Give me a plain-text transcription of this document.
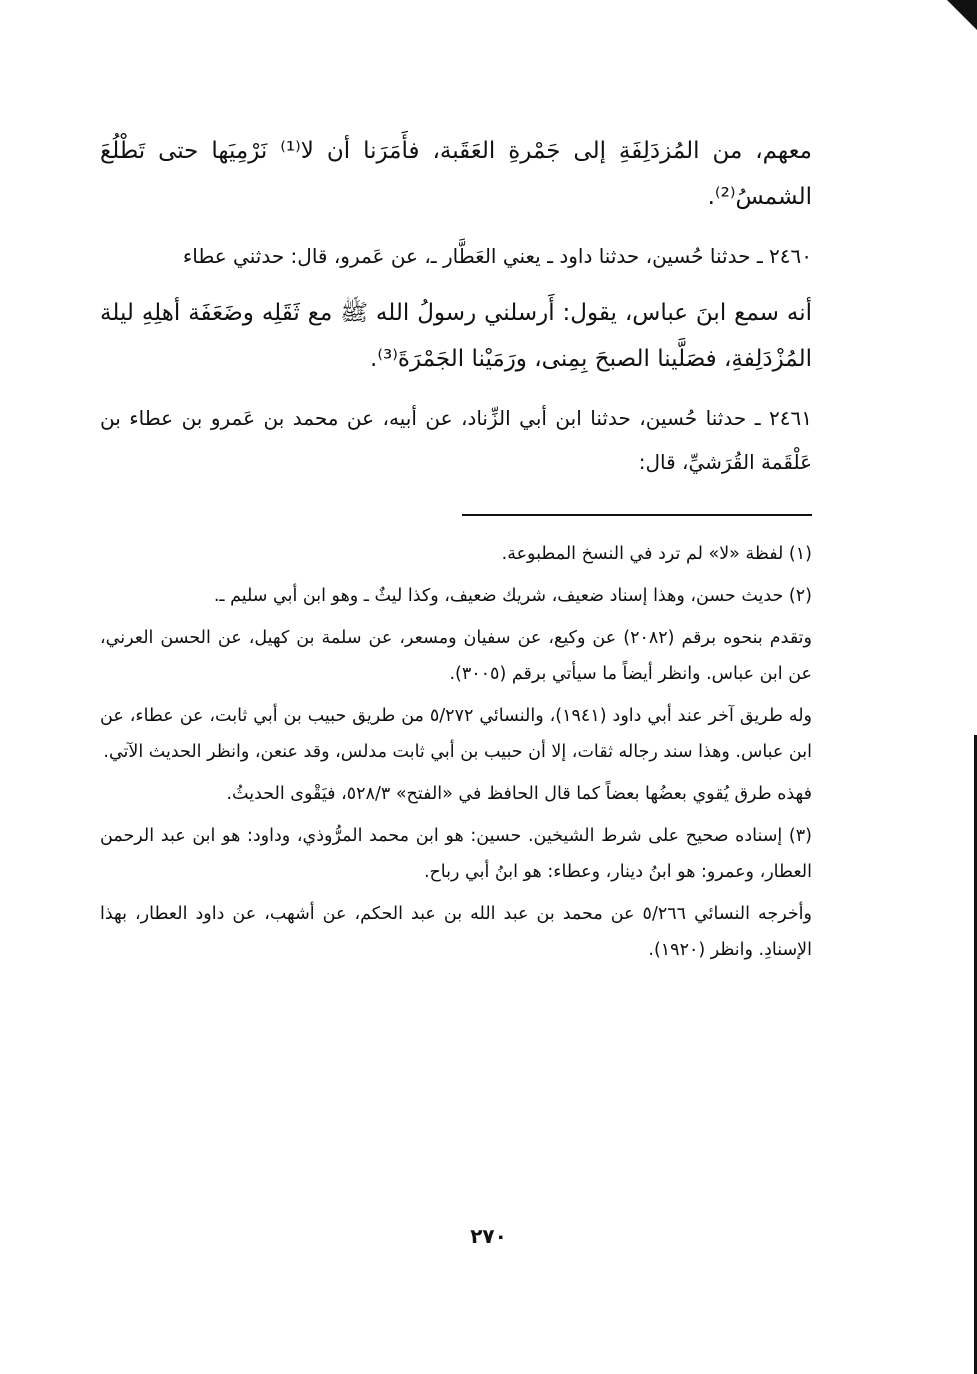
معهم، من المُزدَلِفَةِ إلى جَمْرةِ العَقَبة، فأَمَرَنا أن لا⁽¹⁾ نَرْمِيَها حتى تَطْلُعَ الشمسُ⁽²⁾.

٢٤٦٠ ـ حدثنا حُسين، حدثنا داود ـ يعني العَطَّار ـ، عن عَمرو، قال: حدثني عطاء

أنه سمع ابنَ عباس، يقول: أَرسلني رسولُ الله ﷺ مع ثَقَلِه وضَعَفَة أهلِهِ ليلة المُزْدَلِفةِ، فصَلَّينا الصبحَ بِمِنى، ورَمَيْنا الجَمْرَةَ⁽³⁾.

٢٤٦١ ـ حدثنا حُسين، حدثنا ابن أبي الزِّناد، عن أبيه، عن محمد بن عَمرو بن عطاء بن عَلْقَمة القُرَشيِّ، قال:

(١) لفظة «لا» لم ترد في النسخ المطبوعة.

(٢) حديث حسن، وهذا إسناد ضعيف، شريك ضعيف، وكذا ليثٌ ـ وهو ابن أبي سليم ـ.

وتقدم بنحوه برقم (٢٠٨٢) عن وكيع، عن سفيان ومسعر، عن سلمة بن كهيل، عن الحسن العرني، عن ابن عباس. وانظر أيضاً ما سيأتي برقم (٣٠٠٥).

وله طريق آخر عند أبي داود (١٩٤١)، والنسائي ٥/٢٧٢ من طريق حبيب بن أبي ثابت، عن عطاء، عن ابن عباس. وهذا سند رجاله ثقات، إلا أن حبيب بن أبي ثابت مدلس، وقد عنعن، وانظر الحديث الآتي.

فهذه طرق يُقوي بعضُها بعضاً كما قال الحافظ في «الفتح» ٥٢٨/٣، فيَقْوى الحديثُ.

(٣) إسناده صحيح على شرط الشيخين. حسين: هو ابن محمد المرُّوذي، وداود: هو ابن عبد الرحمن العطار، وعمرو: هو ابنُ دينار، وعطاء: هو ابنُ أبي رباح.

وأخرجه النسائي ٥/٢٦٦ عن محمد بن عبد الله بن عبد الحكم، عن أشهب، عن داود العطار، بهذا الإسنادِ. وانظر (١٩٢٠).

٢٧٠
